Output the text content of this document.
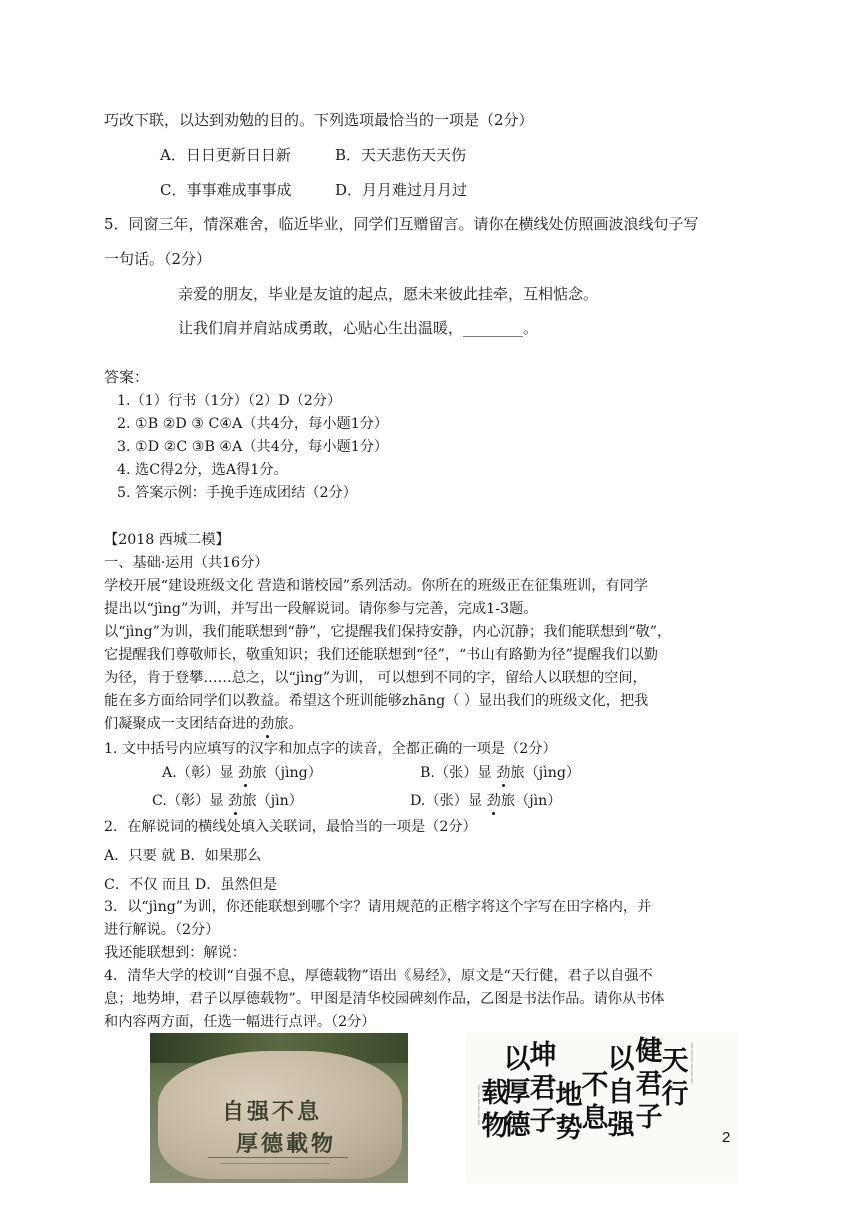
巧改下联，以达到劝勉的目的。下列选项最恰当的一项是（2分）
A．日日更新日日新	B．天天悲伤天天伤
C．事事难成事事成	D．月月难过月月过
5．同窗三年，情深难舍，临近毕业，同学们互赠留言。请你在横线处仿照画波浪线句子写
一句话。（2分）
亲爱的朋友，毕业是友谊的起点，愿未来彼此挂牵，互相惦念。
让我们肩并肩站成勇敢，心贴心生出温暖，________。
答案：
1.（1）行书（1分）（2）D（2分）
2. ①B ②D ③ C④A（共4分，每小题1分）
3. ①D ②C ③B ④A（共4分，每小题1分）
4. 选C得2分，选A得1分。
5. 答案示例：手挽手连成团结（2分）
【2018 西城二模】
一、基础·运用（共16分）
学校开展“建设班级文化 营造和谐校园”系列活动。你所在的班级正在征集班训，有同学
提出以“jìng”为训，并写出一段解说词。请你参与完善，完成1-3题。
以“jìng”为训，我们能联想到“静”，它提醒我们保持安静，内心沉静；我们能联想到“敬”，
它提醒我们尊敬师长，敬重知识；我们还能联想到“径”，“书山有路勤为径”提醒我们以勤
为径，肯于登攀……总之，以“jìng”为训， 可以想到不同的字，留给人以联想的空间，
能在多方面给同学们以教益。希望这个班训能够zhāng（ ）显出我们的班级文化，把我
们凝聚成一支团结奋进的劲旅。
1. 文中括号内应填写的汉字和加点字的读音，全都正确的一项是（2分）
A.（彰）显 劲旅（jìng）	B.（张）显 劲旅（jìng）
C.（彰）显 劲旅（jìn）	D.（张）显 劲旅（jìn）
2．在解说词的横线处填入关联词，最恰当的一项是（2分）
A．只要 就 B．如果那么
C．不仅 而且 D．虽然但是
3．以“jìng”为训，你还能联想到哪个字？请用规范的正楷字将这个字写在田字格内，并
进行解说。（2分）
我还能联想到：解说：
4．清华大学的校训“自强不息，厚德载物”语出《易经》，原文是“天行健，君子以自强不
息；地势坤，君子以厚德载物”。甲图是清华校园碑刻作品，乙图是书法作品。请你从书体
和内容两方面，任选一幅进行点评。（2分）
自强不息
厚德載物
丨丨丨丨丨丨
丨丨丨丨丨丨
天
行
健
君
子
以
自
强
不
息
地
势
坤
君
子
以
厚
德
载
物	2
